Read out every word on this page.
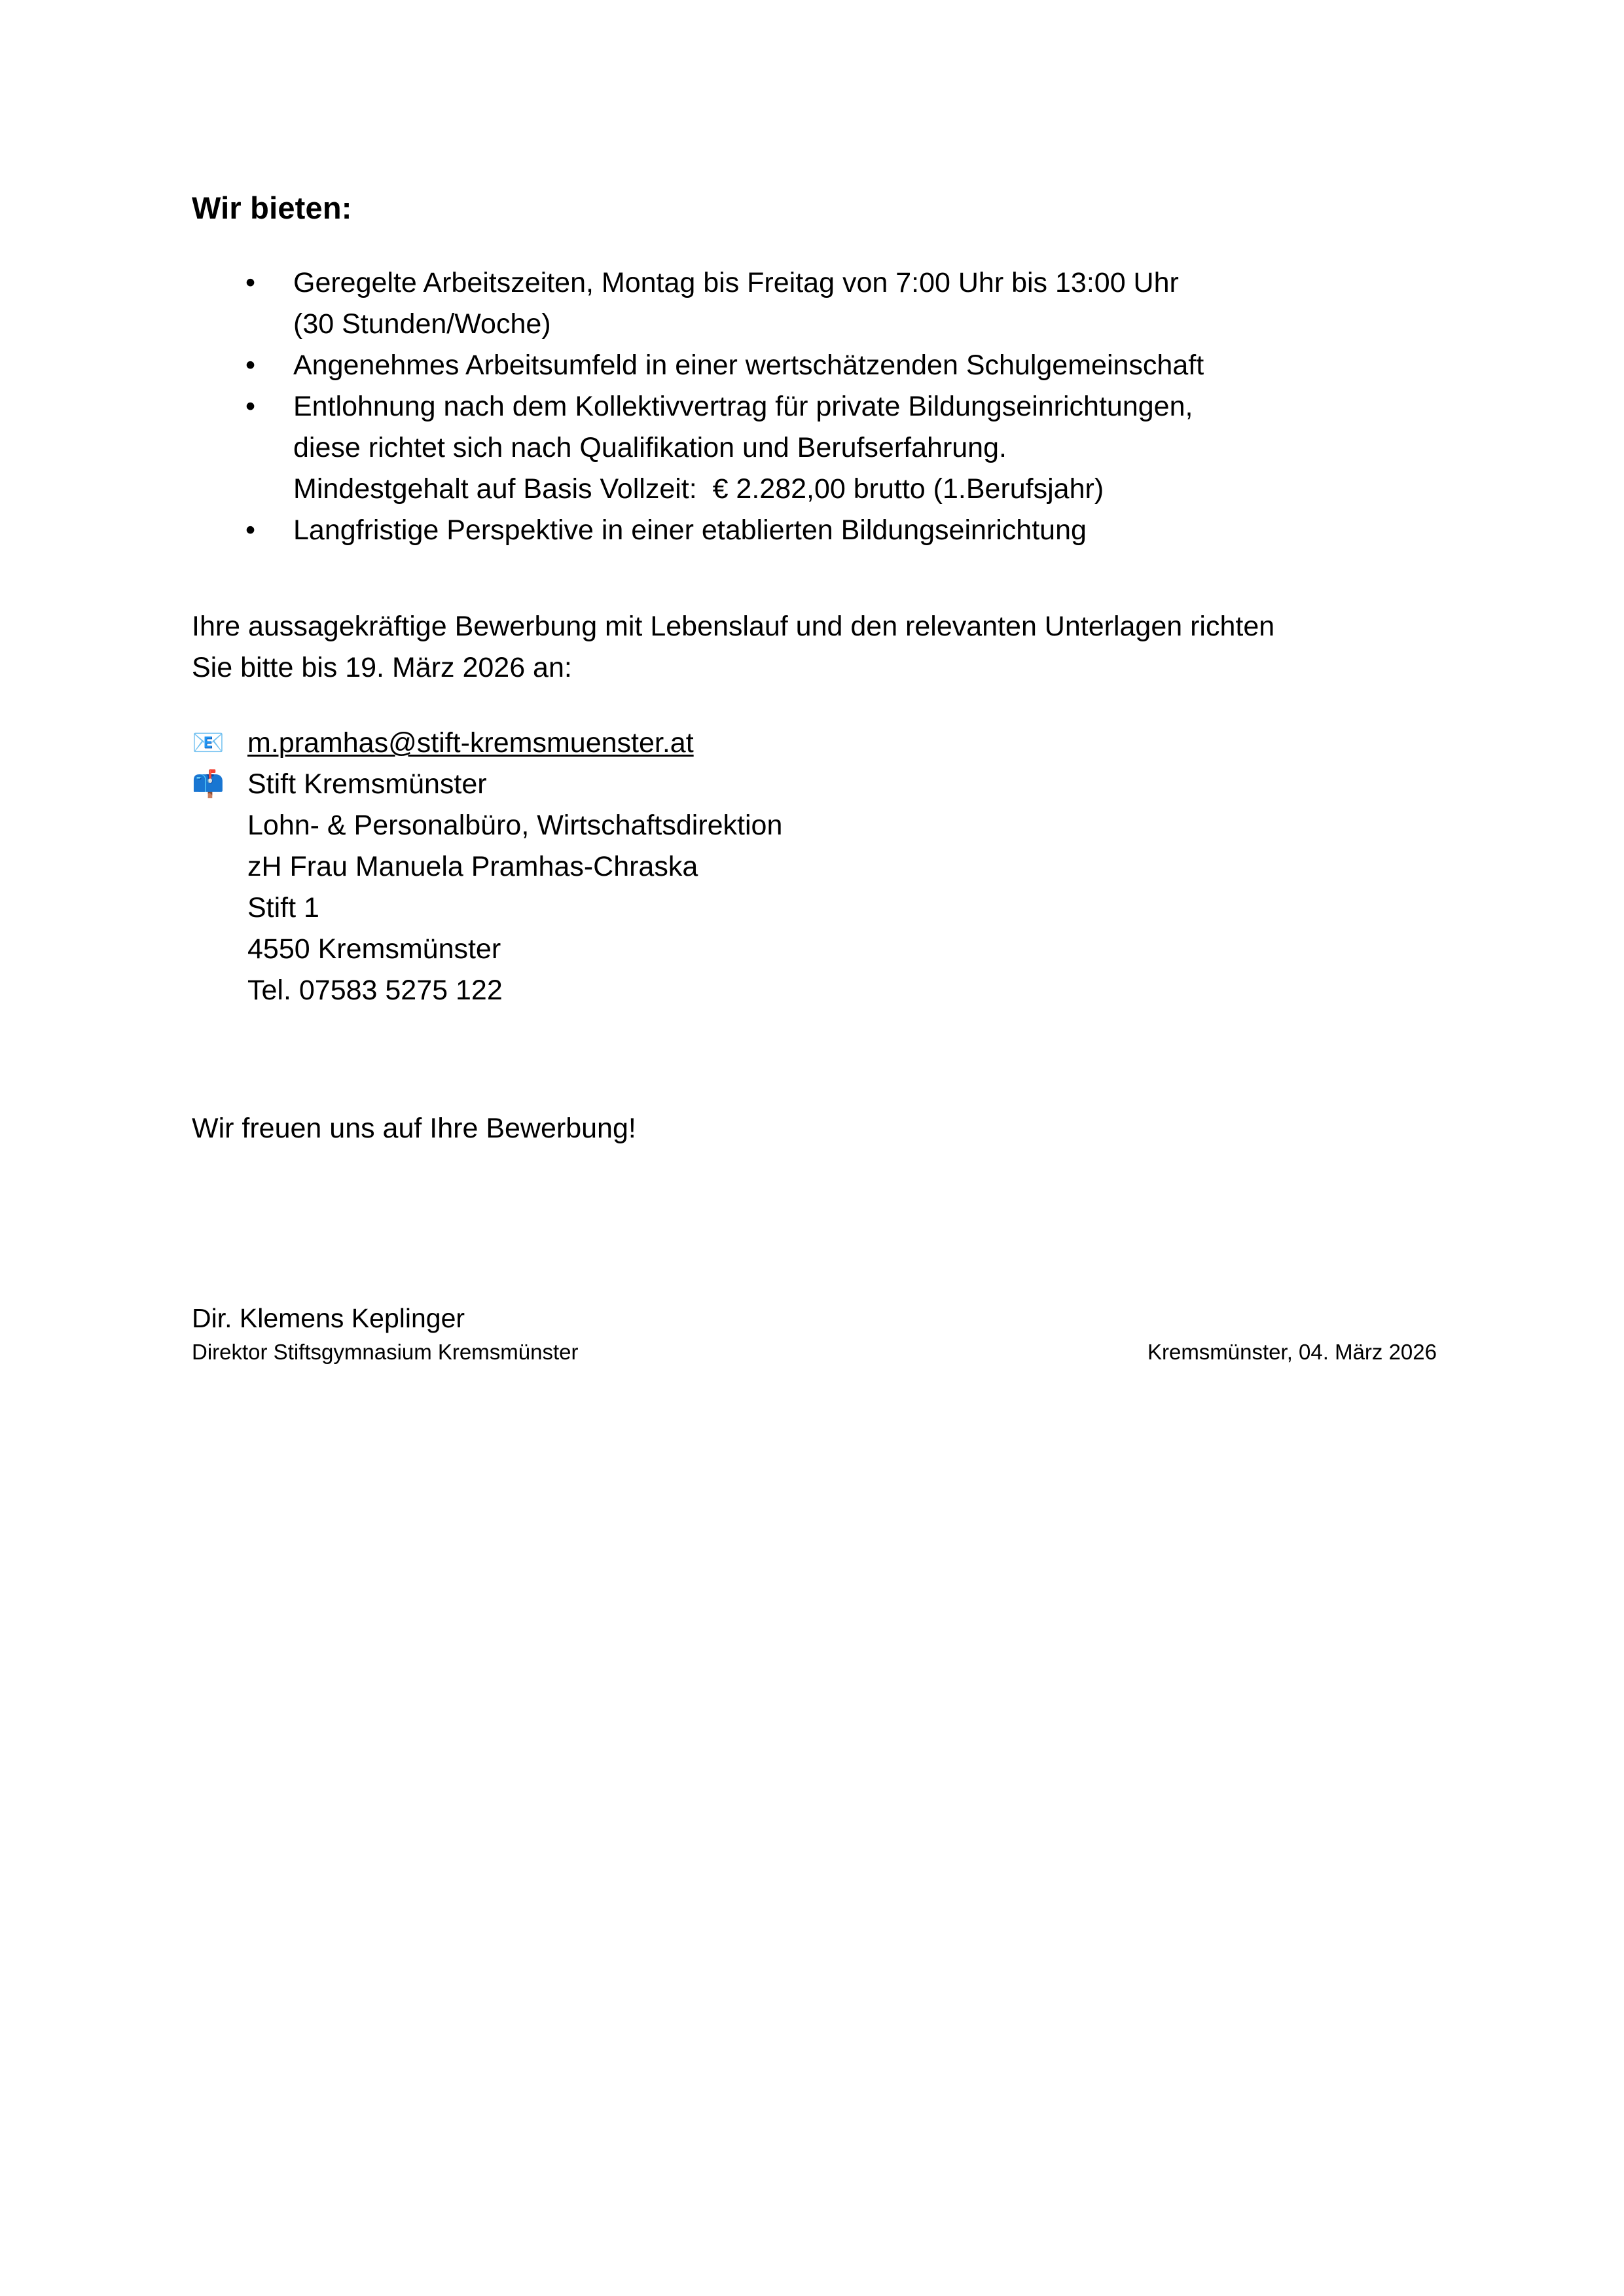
Wir bieten:
• Geregelte Arbeitszeiten, Montag bis Freitag von 7:00 Uhr bis 13:00 Uhr
(30 Stunden/Woche)
• Angenehmes Arbeitsumfeld in einer wertschätzenden Schulgemeinschaft
• Entlohnung nach dem Kollektivvertrag für private Bildungseinrichtungen,
diese richtet sich nach Qualifikation und Berufserfahrung.
Mindestgehalt auf Basis Vollzeit:  € 2.282,00 brutto (1.Berufsjahr)
• Langfristige Perspektive in einer etablierten Bildungseinrichtung

Ihre aussagekräftige Bewerbung mit Lebenslauf und den relevanten Unterlagen richten
Sie bitte bis 19. März 2026 an:

📧 m.pramhas@stift-kremsmuenster.at
📫 Stift Kremsmünster
Lohn- & Personalbüro, Wirtschaftsdirektion
zH Frau Manuela Pramhas-Chraska
Stift 1
4550 Kremsmünster
Tel. 07583 5275 122

Wir freuen uns auf Ihre Bewerbung!

Dir. Klemens Keplinger
Direktor Stiftsgymnasium Kremsmünster	Kremsmünster, 04. März 2026
